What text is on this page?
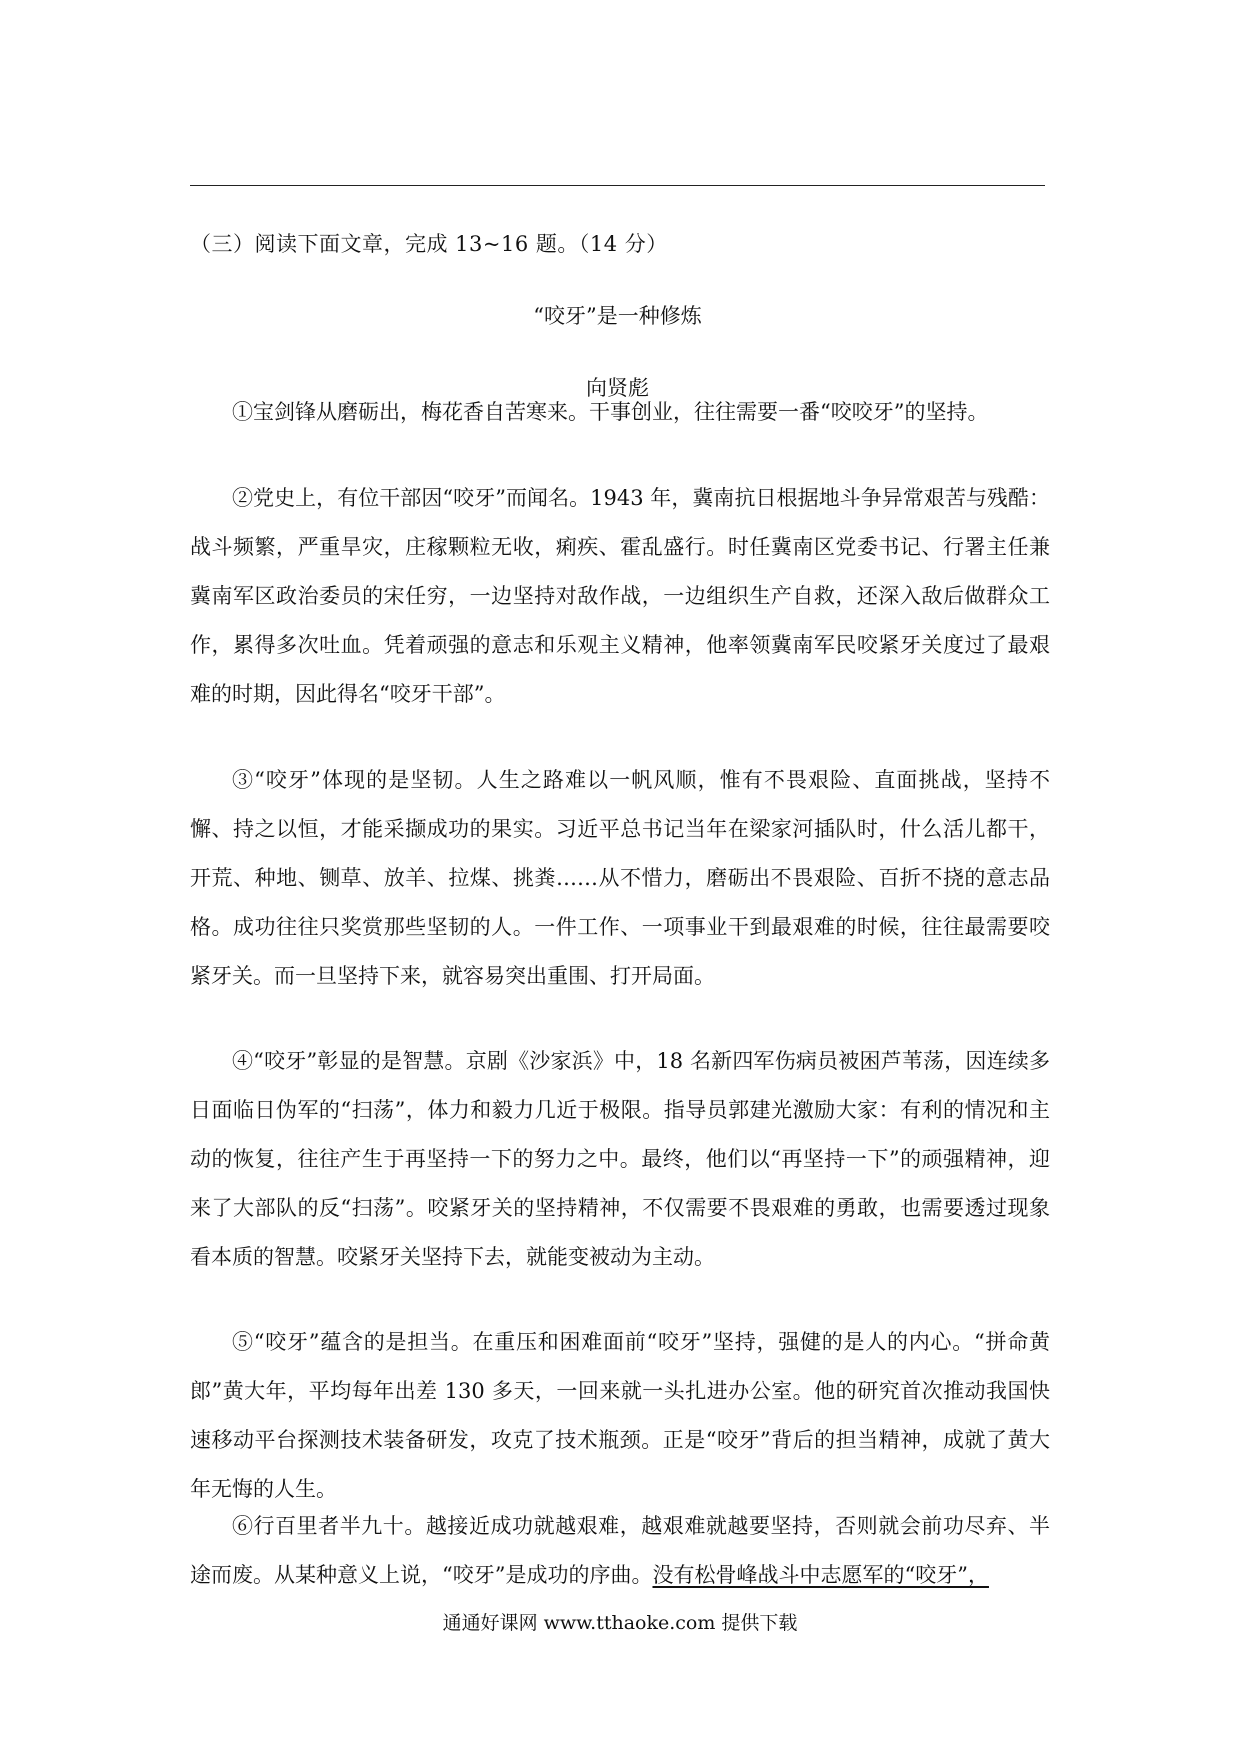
（三）阅读下面文章，完成 13~16 题。（14 分）
“咬牙”是一种修炼
向贤彪

①宝剑锋从磨砺出，梅花香自苦寒来。干事创业，往往需要一番“咬咬牙”的坚持。

②党史上，有位干部因“咬牙”而闻名。1943 年，冀南抗日根据地斗争异常艰苦与残酷：战斗频繁，严重旱灾，庄稼颗粒无收，痢疾、霍乱盛行。时任冀南区党委书记、行署主任兼冀南军区政治委员的宋任穷，一边坚持对敌作战，一边组织生产自救，还深入敌后做群众工作，累得多次吐血。凭着顽强的意志和乐观主义精神，他率领冀南军民咬紧牙关度过了最艰难的时期，因此得名“咬牙干部”。

③“咬牙”体现的是坚韧。人生之路难以一帆风顺，惟有不畏艰险、直面挑战，坚持不懈、持之以恒，才能采撷成功的果实。习近平总书记当年在梁家河插队时，什么活儿都干，开荒、种地、铡草、放羊、拉煤、挑粪……从不惜力，磨砺出不畏艰险、百折不挠的意志品格。成功往往只奖赏那些坚韧的人。一件工作、一项事业干到最艰难的时候，往往最需要咬紧牙关。而一旦坚持下来，就容易突出重围、打开局面。

④“咬牙”彰显的是智慧。京剧《沙家浜》中，18 名新四军伤病员被困芦苇荡，因连续多日面临日伪军的“扫荡”，体力和毅力几近于极限。指导员郭建光激励大家：有利的情况和主动的恢复，往往产生于再坚持一下的努力之中。最终，他们以“再坚持一下”的顽强精神，迎来了大部队的反“扫荡”。咬紧牙关的坚持精神，不仅需要不畏艰难的勇敢，也需要透过现象看本质的智慧。咬紧牙关坚持下去，就能变被动为主动。

⑤“咬牙”蕴含的是担当。在重压和困难面前“咬牙”坚持，强健的是人的内心。“拼命黄郎”黄大年，平均每年出差 130 多天，一回来就一头扎进办公室。他的研究首次推动我国快速移动平台探测技术装备研发，攻克了技术瓶颈。正是“咬牙”背后的担当精神，成就了黄大年无悔的人生。

⑥行百里者半九十。越接近成功就越艰难，越艰难就越要坚持，否则就会前功尽弃、半途而废。从某种意义上说，“咬牙”是成功的序曲。没有松骨峰战斗中志愿军的“咬牙”，

通通好课网 www.tthaoke.com 提供下载
